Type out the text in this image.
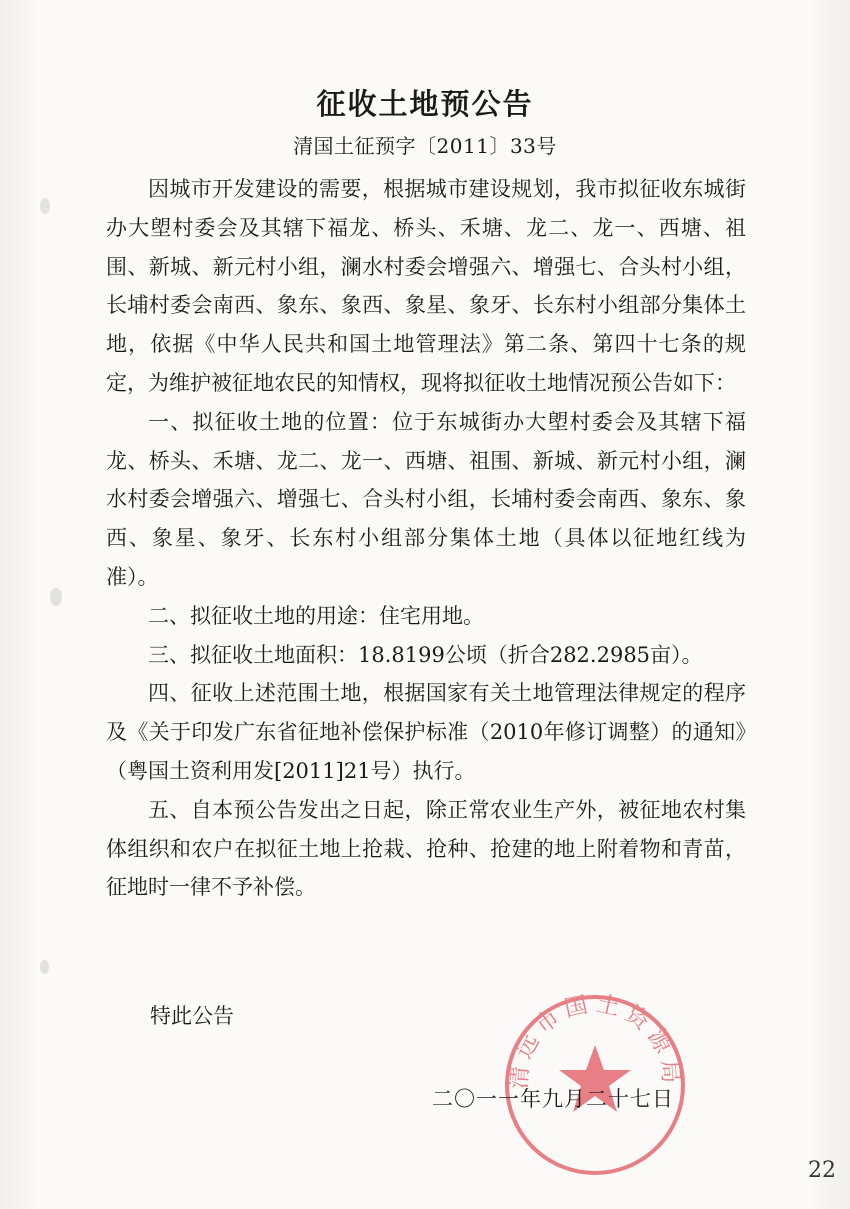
征收土地预公告
清国土征预字〔2011〕33号

因城市开发建设的需要，根据城市建设规划，我市拟征收东城街办大塱村委会及其辖下福龙、桥头、禾塘、龙二、龙一、西塘、祖围、新城、新元村小组，澜水村委会增强六、增强七、合头村小组，长埔村委会南西、象东、象西、象星、象牙、长东村小组部分集体土地，依据《中华人民共和国土地管理法》第二条、第四十七条的规定，为维护被征地农民的知情权，现将拟征收土地情况预公告如下：

一、拟征收土地的位置：位于东城街办大塱村委会及其辖下福龙、桥头、禾塘、龙二、龙一、西塘、祖围、新城、新元村小组，澜水村委会增强六、增强七、合头村小组，长埔村委会南西、象东、象西、象星、象牙、长东村小组部分集体土地（具体以征地红线为准）。

二、拟征收土地的用途：住宅用地。

三、拟征收土地面积：18.8199公顷（折合282.2985亩）。

四、征收上述范围土地，根据国家有关土地管理法律规定的程序及《关于印发广东省征地补偿保护标准（2010年修订调整）的通知》（粤国土资利用发[2011]21号）执行。

五、自本预公告发出之日起，除正常农业生产外，被征地农村集体组织和农户在拟征土地上抢栽、抢种、抢建的地上附着物和青苗，征地时一律不予补偿。

特此公告
清远市国土资源局
二〇一一年九月二十七日
22
